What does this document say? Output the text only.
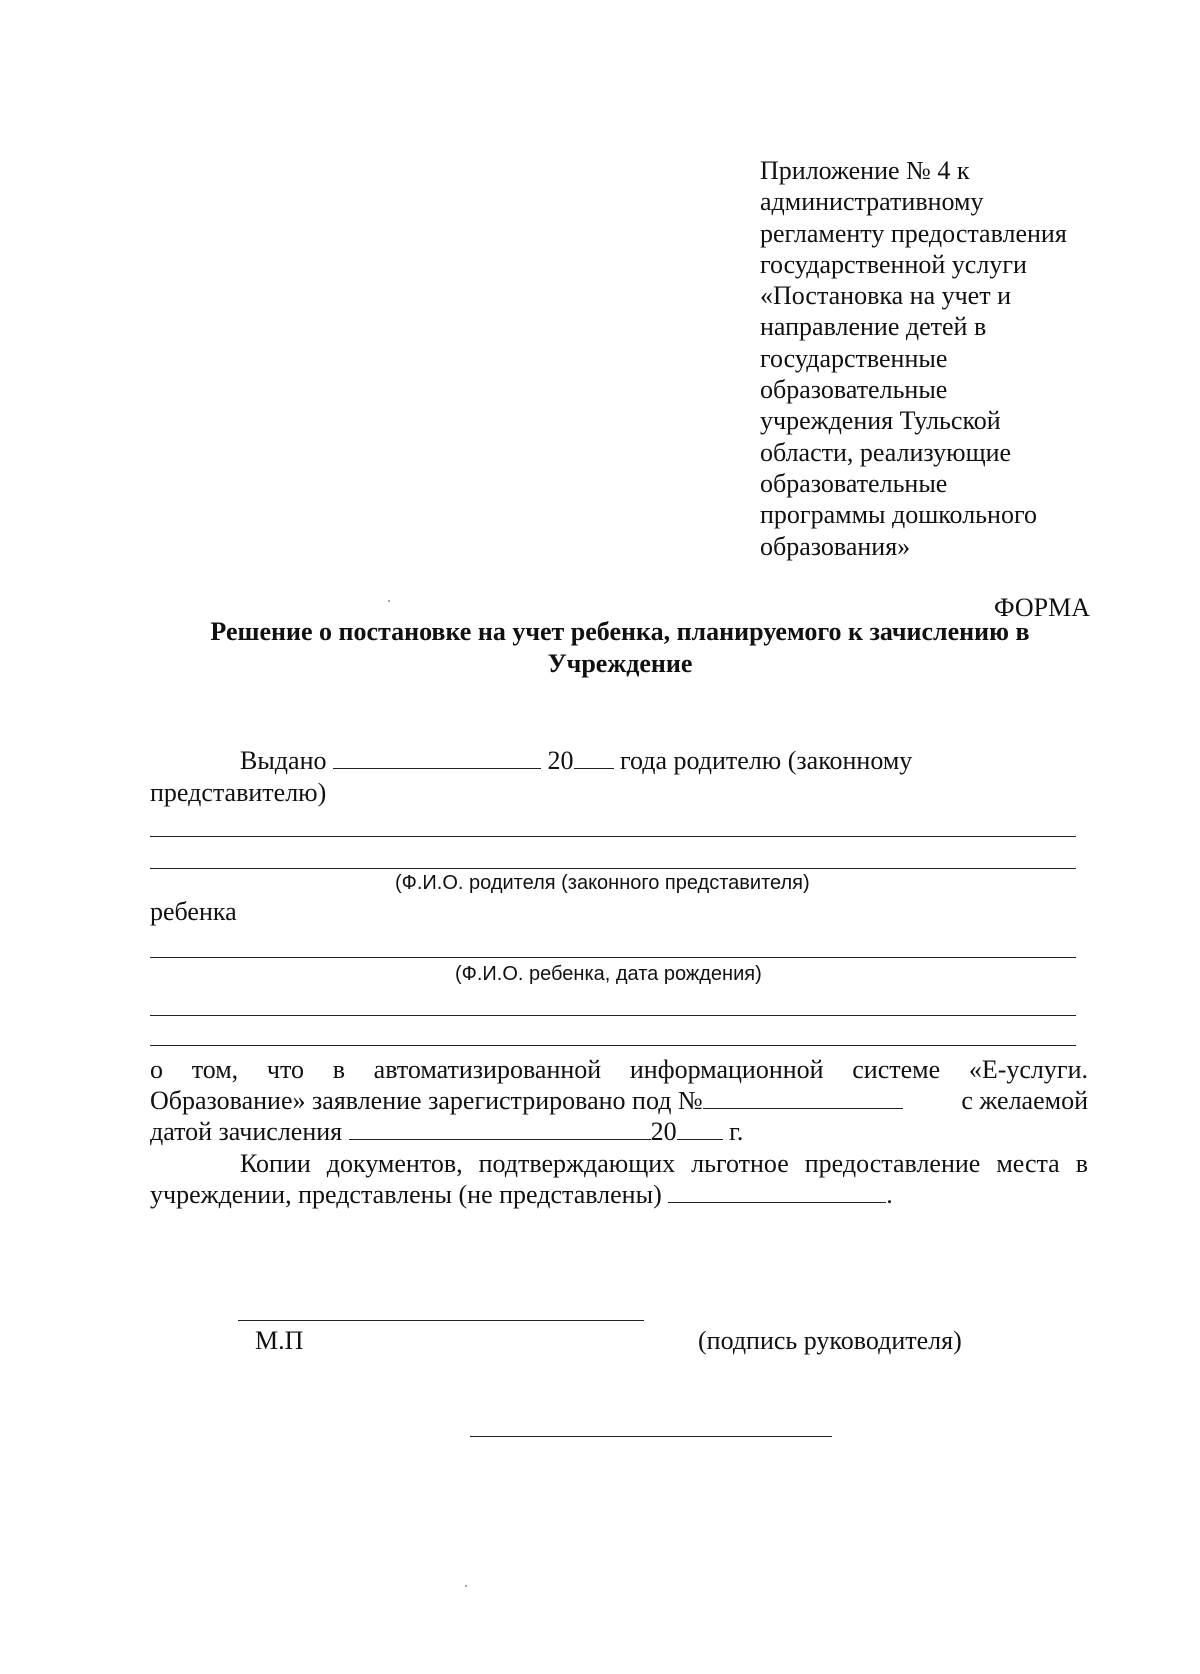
Приложение № 4 к
административному
регламенту предоставления
государственной услуги
«Постановка на учет и
направление детей в
государственные
образовательные
учреждения Тульской
области, реализующие
образовательные
программы дошкольного
образования»
ФОРМА
Решение о постановке на учет ребенка, планируемого к зачислению в
Учреждение
Выдано	20 года родителю (законному
представителю)
(Ф.И.О. родителя (законного представителя)
ребенка
(Ф.И.О. ребенка, дата рождения)
о том, что в автоматизированной информационной системе «Е-услуги.
Образование» заявление зарегистрировано под №	с желаемой
датой зачисления	20 г.
Копии документов, подтверждающих льготное предоставление места в
учреждении, представлены (не представлены)	.
М.П	(подпись руководителя)
